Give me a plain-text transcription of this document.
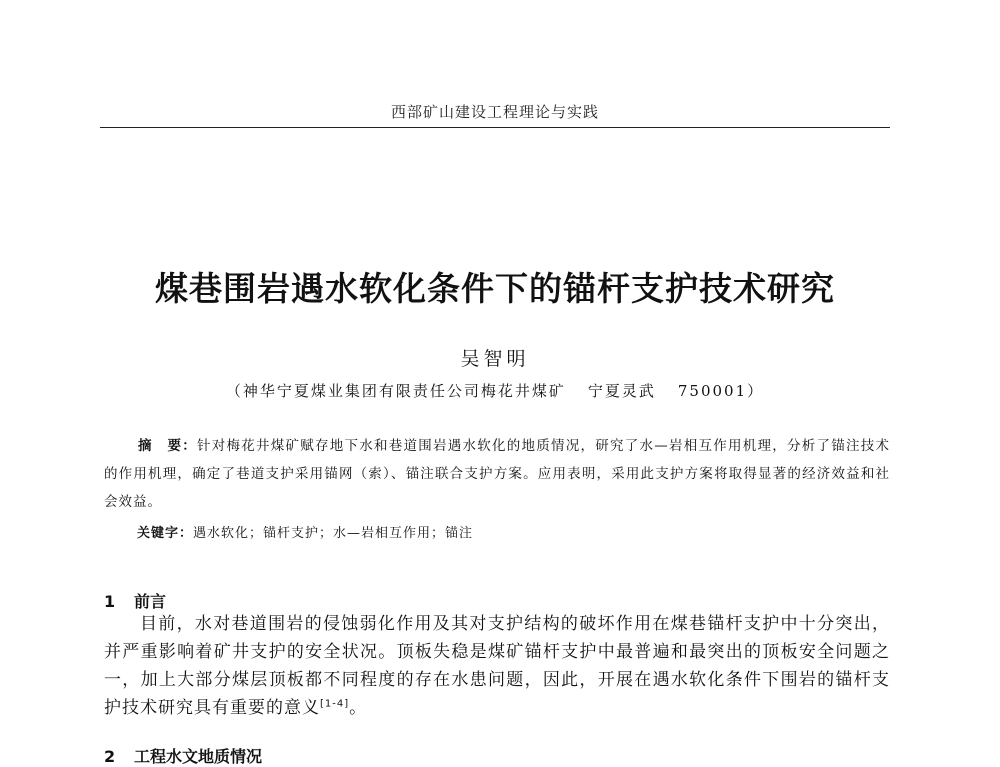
西部矿山建设工程理论与实践
煤巷围岩遇水软化条件下的锚杆支护技术研究
吴智明
（神华宁夏煤业集团有限责任公司梅花井煤矿 宁夏灵武 750001）
摘　要：针对梅花井煤矿赋存地下水和巷道围岩遇水软化的地质情况，研究了水—岩相互作用机理，分析了锚注技术的作用机理，确定了巷道支护采用锚网（索）、锚注联合支护方案。应用表明，采用此支护方案将取得显著的经济效益和社会效益。
关键字：遇水软化；锚杆支护；水—岩相互作用；锚注
1 前言
目前，水对巷道围岩的侵蚀弱化作用及其对支护结构的破坏作用在煤巷锚杆支护中十分突出，并严重影响着矿井支护的安全状况。顶板失稳是煤矿锚杆支护中最普遍和最突出的顶板安全问题之一，加上大部分煤层顶板都不同程度的存在水患问题，因此，开展在遇水软化条件下围岩的锚杆支护技术研究具有重要的意义[1-4]。
2 工程水文地质情况
